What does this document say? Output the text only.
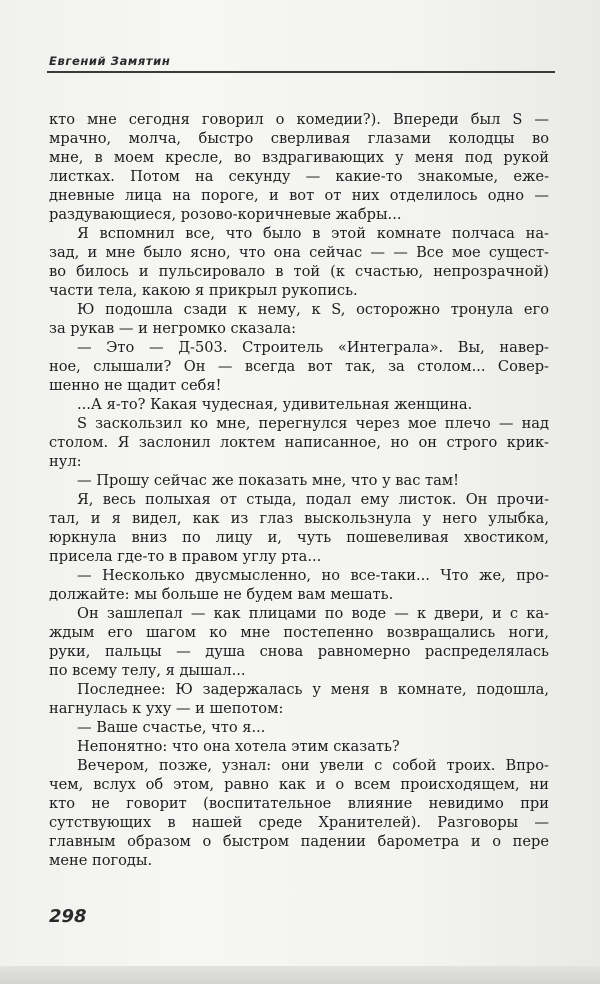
Евгений Замятин
кто мне сегодня говорил о комедии?). Впереди был S —
мрачно, молча, быстро сверливая глазами колодцы во
мне, в моем кресле, во вздрагивающих у меня под рукой
листках. Потом на секунду — какие-то знакомые, еже-
дневные лица на пороге, и вот от них отделилось одно —
раздувающиеся, розово-коричневые жабры...
Я вспомнил все, что было в этой комнате полчаса на-
зад, и мне было ясно, что она сейчас — — Все мое сущест-
во билось и пульсировало в той (к счастью, непрозрачной)
части тела, какою я прикрыл рукопись.
Ю подошла сзади к нему, к S, осторожно тронула его
за рукав — и негромко сказала:
— Это — Д-503. Строитель «Интеграла». Вы, навер-
ное, слышали? Он — всегда вот так, за столом... Совер-
шенно не щадит себя!
...А я-то? Какая чудесная, удивительная женщина.
S заскользил ко мне, перегнулся через мое плечо — над
столом. Я заслонил локтем написанное, но он строго крик-
нул:
— Прошу сейчас же показать мне, что у вас там!
Я, весь полыхая от стыда, подал ему листок. Он прочи-
тал, и я видел, как из глаз выскользнула у него улыбка,
юркнула вниз по лицу и, чуть пошевеливая хвостиком,
присела где-то в правом углу рта...
— Несколько двусмысленно, но все-таки... Что же, про-
должайте: мы больше не будем вам мешать.
Он зашлепал — как плицами по воде — к двери, и с ка-
ждым его шагом ко мне постепенно возвращались ноги,
руки, пальцы — душа снова равномерно распределялась
по всему телу, я дышал...
Последнее: Ю задержалась у меня в комнате, подошла,
нагнулась к уху — и шепотом:
— Ваше счастье, что я...
Непонятно: что она хотела этим сказать?
Вечером, позже, узнал: они увели с собой троих. Впро-
чем, вслух об этом, равно как и о всем происходящем, ни
кто не говорит (воспитательное влияние невидимо при
сутствующих в нашей среде Хранителей). Разговоры —
главным образом о быстром падении барометра и о пере
мене погоды.
298
